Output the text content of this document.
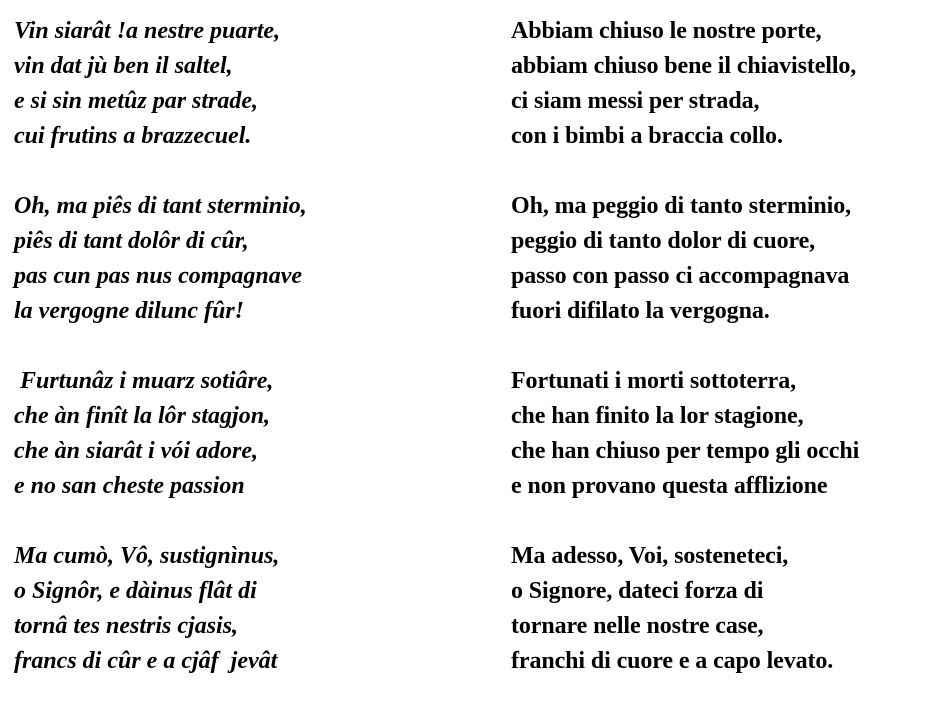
Vin siarât !a nestre puarte,
vin dat jù ben il saltel,
e si sin metûz par strade,
cui frutins a brazzecuel.
Oh, ma piês di tant sterminio,
piês di tant dolôr di cûr,
pas cun pas nus compagnave
la vergogne dilunc fûr!
Furtunâz i muarz sotiâre,
che àn finît la lôr stagjon,
che àn siarât i vói adore,
e no san cheste passion
Ma cumò, Vô, sustignìnus,
o Signôr, e dàinus flât di
tornâ tes nestris cjasis,
francs di cûr e a cjâf  jevât
Abbiam chiuso le nostre porte,
abbiam chiuso bene il chiavistello,
ci siam messi per strada,
con i bimbi a braccia collo.
Oh, ma peggio di tanto sterminio,
peggio di tanto dolor di cuore,
passo con passo ci accompagnava
fuori difilato la vergogna.
Fortunati i morti sottoterra,
che han finito la lor stagione,
che han chiuso per tempo gli occhi
e non provano questa afflizione
Ma adesso, Voi, sosteneteci,
o Signore, dateci forza di
tornare nelle nostre case,
franchi di cuore e a capo levato.
